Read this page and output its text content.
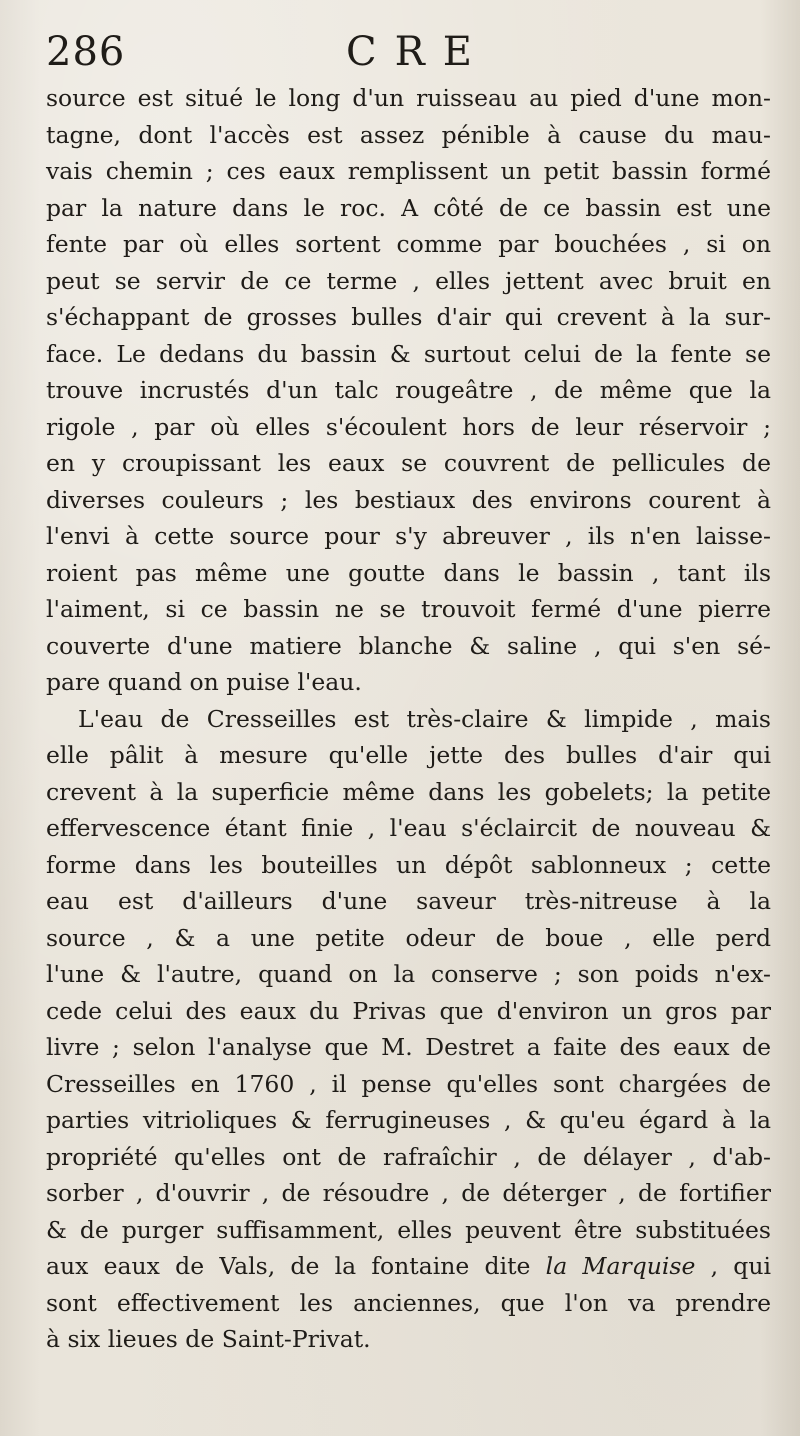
286	CRE
source est situé le long d'un ruisseau au pied d'une mon-
tagne, dont l'accès est assez pénible à cause du mau-
vais chemin ; ces eaux remplissent un petit bassin formé
par la nature dans le roc. A côté de ce bassin est une
fente par où elles sortent comme par bouchées , si on
peut se servir de ce terme , elles jettent avec bruit en
s'échappant de grosses bulles d'air qui crevent à la sur-
face. Le dedans du bassin & surtout celui de la fente se
trouve incrustés d'un talc rougeâtre , de même que la
rigole , par où elles s'écoulent hors de leur réservoir ;
en y croupissant les eaux se couvrent de pellicules de
diverses couleurs ; les bestiaux des environs courent à
l'envi à cette source pour s'y abreuver , ils n'en laisse-
roient pas même une goutte dans le bassin , tant ils
l'aiment, si ce bassin ne se trouvoit fermé d'une pierre
couverte d'une matiere blanche & saline , qui s'en sé-
pare quand on puise l'eau.
L'eau de Cresseilles est très-claire & limpide , mais
elle pâlit à mesure qu'elle jette des bulles d'air qui
crevent à la superficie même dans les gobelets; la petite
effervescence étant finie , l'eau s'éclaircit de nouveau &
forme dans les bouteilles un dépôt sablonneux ; cette
eau est d'ailleurs d'une saveur très-nitreuse à la
source , & a une petite odeur de boue , elle perd
l'une & l'autre, quand on la conserve ; son poids n'ex-
cede celui des eaux du Privas que d'environ un gros par
livre ; selon l'analyse que M. Destret a faite des eaux de
Cresseilles en 1760 , il pense qu'elles sont chargées de
parties vitrioliques & ferrugineuses , & qu'eu égard à la
propriété qu'elles ont de rafraîchir , de délayer , d'ab-
sorber , d'ouvrir , de résoudre , de déterger , de fortifier
& de purger suffisamment, elles peuvent être substituées
aux eaux de Vals, de la fontaine dite la Marquise , qui
sont effectivement les anciennes, que l'on va prendre
à six lieues de Saint-Privat.
